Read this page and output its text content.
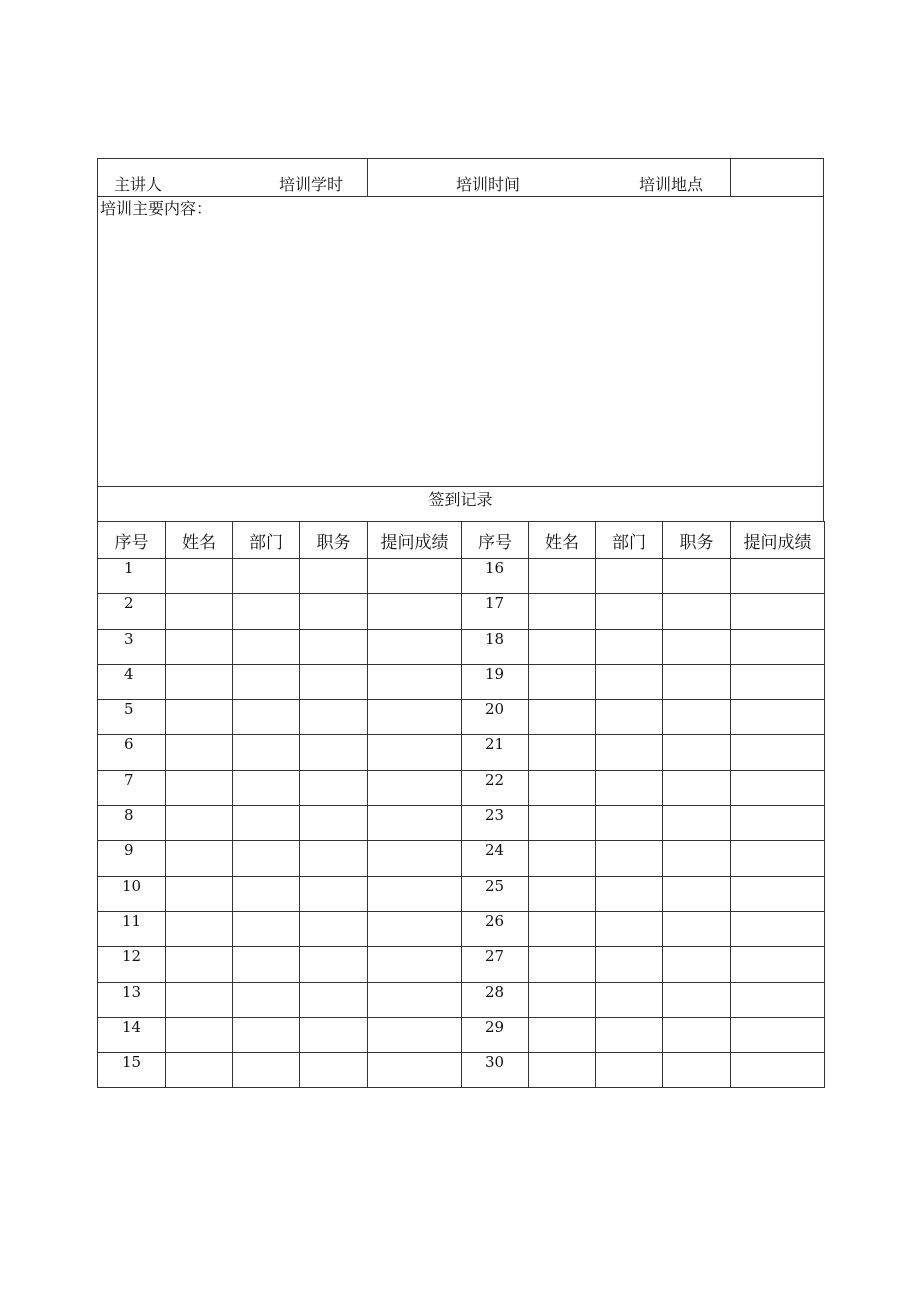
主讲人	培训学时	培训时间	培训地点
培训主要内容：
签到记录
序号	姓名	部门	职务	提问成绩	序号	姓名	部门	职务	提问成绩
1					16				
2					17				
3					18				
4					19				
5					20				
6					21				
7					22				
8					23				
9					24				
10					25				
11					26				
12					27				
13					28				
14					29				
15					30				
